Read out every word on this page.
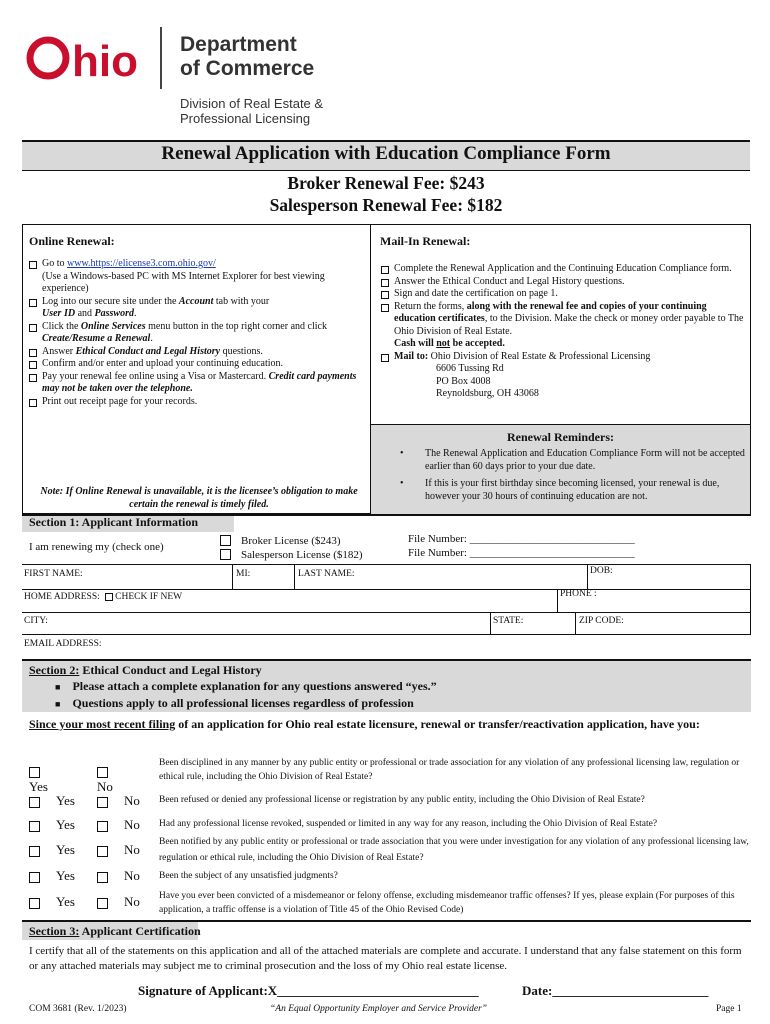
hio Department
of Commerce
Division of Real Estate &
Professional Licensing
Renewal Application with Education Compliance Form
Broker Renewal Fee: $243
Salesperson Renewal Fee: $182
Online Renewal:
Go to www.https://elicense3.com.ohio.gov/
(Use a Windows-based PC with MS Internet Explorer for best viewing experience)
Log into our secure site under the Account tab with your
User ID and Password.
Click the Online Services menu button in the top right corner and click Create/Resume a Renewal.
Answer Ethical Conduct and Legal History questions.
Confirm and/or enter and upload your continuing education.
Pay your renewal fee online using a Visa or Mastercard. Credit card payments may not be taken over the telephone.
Print out receipt page for your records.
Note: If Online Renewal is unavailable, it is the licensee’s obligation to make certain the renewal is timely filed.
Mail-In Renewal:
Complete the Renewal Application and the Continuing Education Compliance form.
Answer the Ethical Conduct and Legal History questions.
Sign and date the certification on page 1.
Return the forms, along with the renewal fee and copies of your continuing education certificates, to the Division. Make the check or money order payable to The Ohio Division of Real Estate.
Cash will not be accepted.
Mail to: Ohio Division of Real Estate & Professional Licensing
6606 Tussing Rd
PO Box 4008
Reynoldsburg, OH 43068
Renewal Reminders:
•	The Renewal Application and Education Compliance Form will not be accepted earlier than 60 days prior to your due date.
•	If this is your first birthday since becoming licensed, your renewal is due, however your 30 hours of continuing education are not.
Section 1: Applicant Information
I am renewing my (check one)	Broker License ($243)
Salesperson License ($182)
File Number: ______________________________
File Number: ______________________________
FIRST NAME:	MI:	LAST NAME:	DOB:
HOME ADDRESS: CHECK IF NEW	PHONE :
CITY:	STATE:	ZIP CODE:
EMAIL ADDRESS:
Section 2: Ethical Conduct and Legal History
■ Please attach a complete explanation for any questions answered “yes.”
■ Questions apply to all professional licenses regardless of profession
Since your most recent filing of an application for Ohio real estate licensure, renewal or transfer/reactivation application, have you:
Yes	No
Been disciplined in any manner by any public entity or professional or trade association for any violation of any professional licensing law, regulation or ethical rule, including the Ohio Division of Real Estate?
Yes	No Been refused or denied any professional license or registration by any public entity, including the Ohio Division of Real Estate?
Yes	No Had any professional license revoked, suspended or limited in any way for any reason, including the Ohio Division of Real Estate?
Yes	No Been notified by any public entity or professional or trade association that you were under investigation for any violation of any professional licensing law, regulation or ethical rule, including the Ohio Division of Real Estate?
Yes	No Been the subject of any unsatisfied judgments?
Yes	No Have you ever been convicted of a misdemeanor or felony offense, excluding misdemeanor traffic offenses? If yes, please explain (For purposes of this application, a traffic offense is a violation of Title 45 of the Ohio Revised Code)
Section 3: Applicant Certification
I certify that all of the statements on this application and all of the attached materials are complete and accurate. I understand that any false statement on this form or any attached materials may subject me to criminal prosecution and the loss of my Ohio real estate license.
Signature of Applicant:X_______________________________	Date:________________________
COM 3681 (Rev. 1/2023)	“An Equal Opportunity Employer and Service Provider”	Page 1
